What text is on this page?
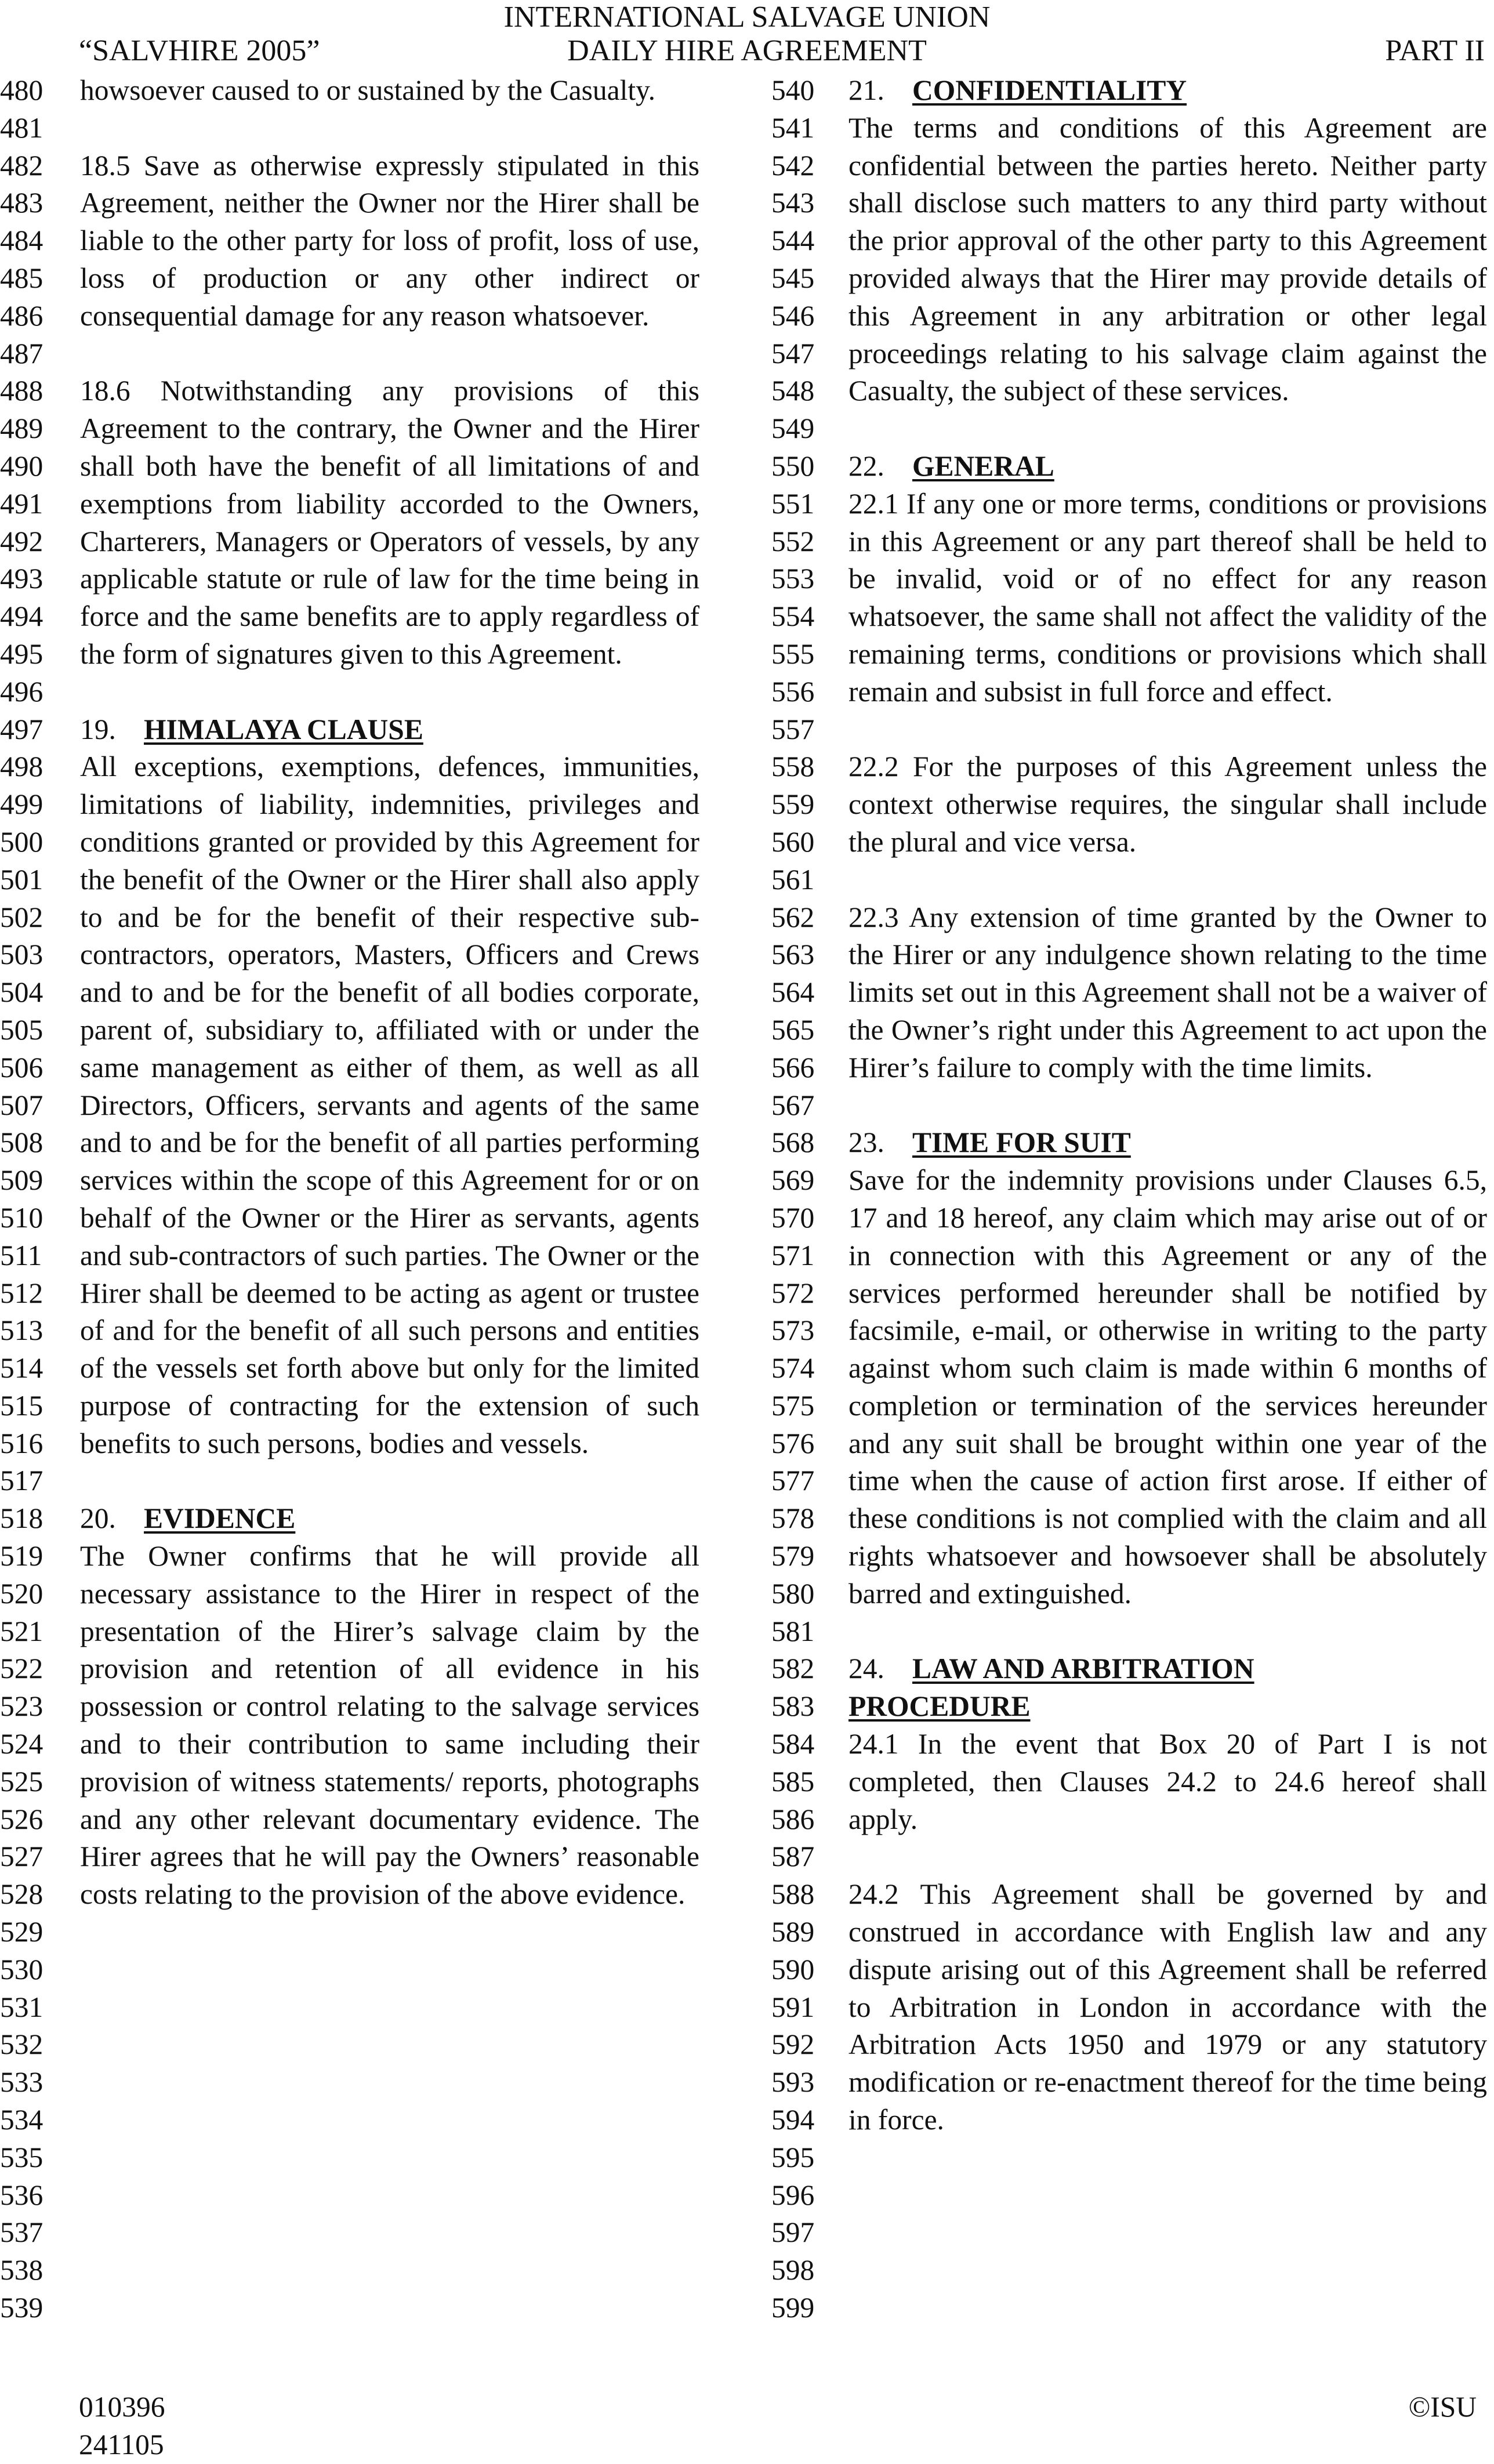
INTERNATIONAL SALVAGE UNION
DAILY HIRE AGREEMENT
“SALVHIRE 2005”	PART II
480
481
482
483
484
485
486
487
488
489
490
491
492
493
494
495
496
497
498
499
500
501
502
503
504
505
506
507
508
509
510
511
512
513
514
515
516
517
518
519
520
521
522
523
524
525
526
527
528
529
530
531
532
533
534
535
536
537
538
539
540
541
542
543
544
545
546
547
548
549
550
551
552
553
554
555
556
557
558
559
560
561
562
563
564
565
566
567
568
569
570
571
572
573
574
575
576
577
578
579
580
581
582
583
584
585
586
587
588
589
590
591
592
593
594
595
596
597
598
599

howsoever caused to or sustained by the Casualty.

18.5 Save as otherwise expressly stipulated in this Agreement, neither the Owner nor the Hirer shall be liable to the other party for loss of profit, loss of use, loss of production or any other indirect or consequential damage for any reason whatsoever.

18.6 Notwithstanding any provisions of this Agreement to the contrary, the Owner and the Hirer shall both have the benefit of all limitations of and exemptions from liability accorded to the Owners, Charterers, Managers or Operators of vessels, by any applicable statute or rule of law for the time being in force and the same benefits are to apply regardless of the form of signatures given to this Agreement.

19. HIMALAYA CLAUSE

All exceptions, exemptions, defences, immunities, limitations of liability, indemnities, privileges and conditions granted or provided by this Agreement for the benefit of the Owner or the Hirer shall also apply to and be for the benefit of their respective sub-contractors, operators, Masters, Officers and Crews and to and be for the benefit of all bodies corporate, parent of, subsidiary to, affiliated with or under the same management as either of them, as well as all Directors, Officers, servants and agents of the same and to and be for the benefit of all parties performing services within the scope of this Agreement for or on behalf of the Owner or the Hirer as servants, agents and sub-contractors of such parties. The Owner or the Hirer shall be deemed to be acting as agent or trustee of and for the benefit of all such persons and entities of the vessels set forth above but only for the limited purpose of contracting for the extension of such benefits to such persons, bodies and vessels.

20. EVIDENCE

The Owner confirms that he will provide all necessary assistance to the Hirer in respect of the presentation of the Hirer’s salvage claim by the provision and retention of all evidence in his possession or control relating to the salvage services and to their contribution to same including their provision of witness statements/ reports, photographs and any other relevant documentary evidence. The Hirer agrees that he will pay the Owners’ reasonable costs relating to the provision of the above evidence.

21. CONFIDENTIALITY

The terms and conditions of this Agreement are confidential between the parties hereto. Neither party shall disclose such matters to any third party without the prior approval of the other party to this Agreement provided always that the Hirer may provide details of this Agreement in any arbitration or other legal proceedings relating to his salvage claim against the Casualty, the subject of these services.

22. GENERAL

22.1 If any one or more terms, conditions or provisions in this Agreement or any part thereof shall be held to be invalid, void or of no effect for any reason whatsoever, the same shall not affect the validity of the remaining terms, conditions or provisions which shall remain and subsist in full force and effect.

22.2 For the purposes of this Agreement unless the context otherwise requires, the singular shall include the plural and vice versa.

22.3 Any extension of time granted by the Owner to the Hirer or any indulgence shown relating to the time limits set out in this Agreement shall not be a waiver of the Owner’s right under this Agreement to act upon the Hirer’s failure to comply with the time limits.

23. TIME FOR SUIT

Save for the indemnity provisions under Clauses 6.5, 17 and 18 hereof, any claim which may arise out of or in connection with this Agreement or any of the services performed hereunder shall be notified by facsimile, e-mail, or otherwise in writing to the party against whom such claim is made within 6 months of completion or termination of the services hereunder and any suit shall be brought within one year of the time when the cause of action first arose. If either of these conditions is not complied with the claim and all rights whatsoever and howsoever shall be absolutely barred and extinguished.

24. LAW AND ARBITRATION
PROCEDURE

24.1 In the event that Box 20 of Part I is not completed, then Clauses 24.2 to 24.6 hereof shall apply.

24.2 This Agreement shall be governed by and construed in accordance with English law and any dispute arising out of this Agreement shall be referred to Arbitration in London in accordance with the Arbitration Acts 1950 and 1979 or any statutory modification or re-enactment thereof for the time being in force.

010396
241105
©ISU
